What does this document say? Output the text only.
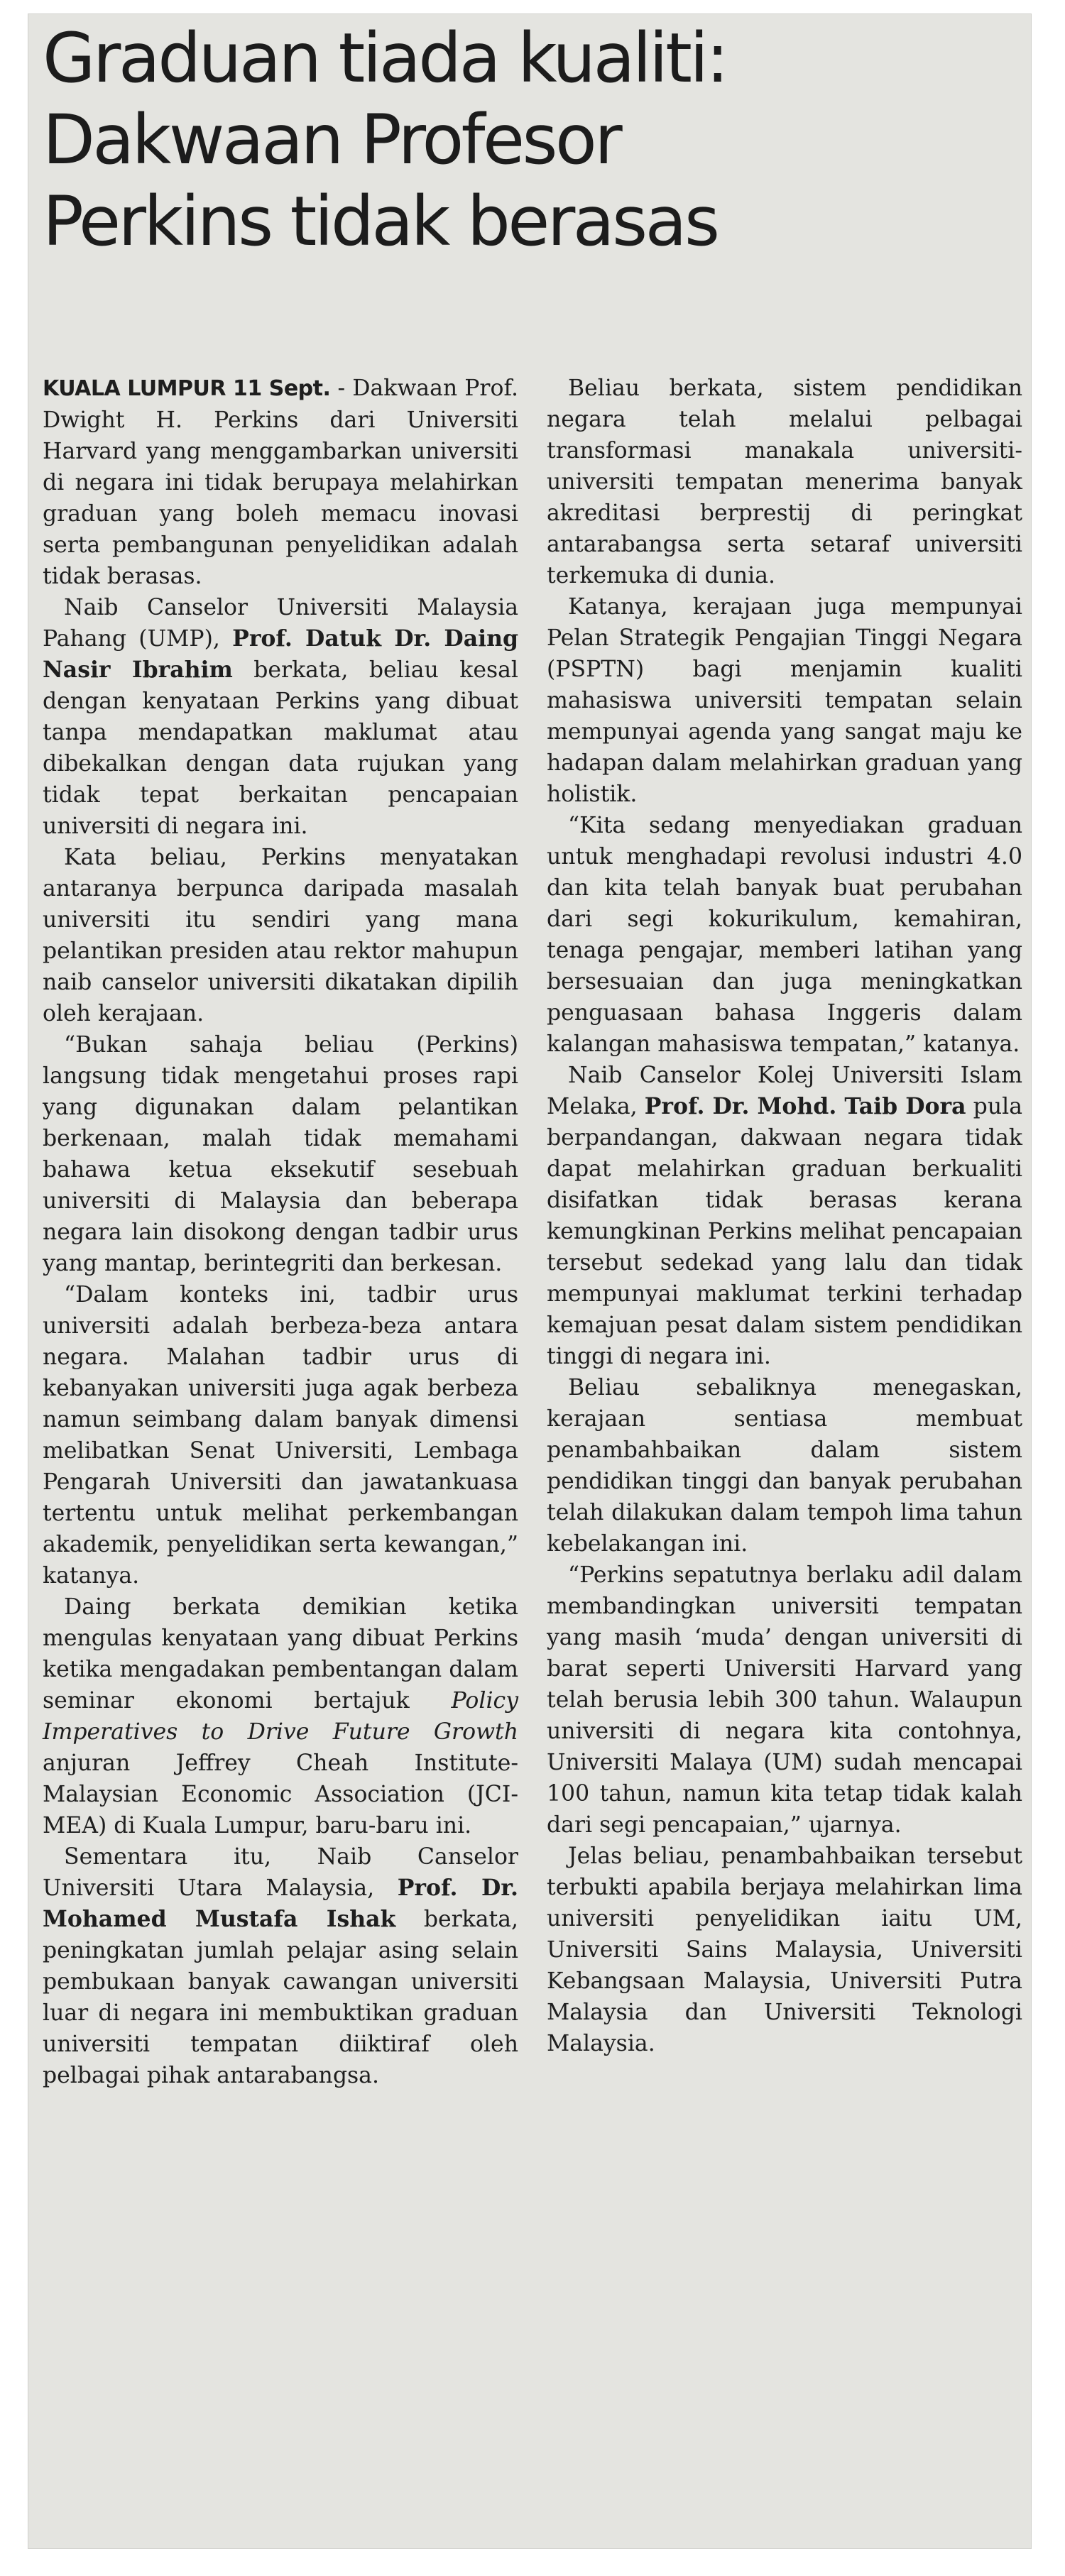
Graduan tiada kualiti:
Dakwaan Profesor
Perkins tidak berasas

KUALA LUMPUR 11 Sept. - Dakwaan Prof. Dwight H. Perkins dari Universiti Harvard yang menggambarkan universiti di negara ini tidak berupaya melahirkan graduan yang boleh memacu inovasi serta pembangunan penyelidikan adalah tidak berasas.

Naib Canselor Universiti Malaysia Pahang (UMP), Prof. Datuk Dr. Daing Nasir Ibrahim berkata, beliau kesal dengan kenyataan Perkins yang dibuat tanpa mendapatkan maklumat atau dibekalkan dengan data rujukan yang tidak tepat berkaitan pencapaian universiti di negara ini.

Kata beliau, Perkins menyatakan antaranya berpunca daripada masalah universiti itu sendiri yang mana pelantikan presiden atau rektor mahupun naib canselor universiti dikatakan dipilih oleh kerajaan.

“Bukan sahaja beliau (Perkins) langsung tidak mengetahui proses rapi yang digunakan dalam pelantikan berkenaan, malah tidak memahami bahawa ketua eksekutif sesebuah universiti di Malaysia dan beberapa negara lain disokong dengan tadbir urus yang mantap, berintegriti dan berkesan.

“Dalam konteks ini, tadbir urus universiti adalah berbeza-beza antara negara. Malahan tadbir urus di kebanyakan universiti juga agak berbeza namun seimbang dalam banyak dimensi melibatkan Senat Universiti, Lembaga Pengarah Universiti dan jawatankuasa tertentu untuk melihat perkembangan akademik, penyelidikan serta kewangan,” katanya.

Daing berkata demikian ketika mengulas kenyataan yang dibuat Perkins ketika mengadakan pembentangan dalam seminar ekonomi bertajuk Policy Imperatives to Drive Future Growth anjuran Jeffrey Cheah Institute-Malaysian Economic Association (JCI-MEA) di Kuala Lumpur, baru-baru ini.

Sementara itu, Naib Canselor Universiti Utara Malaysia, Prof. Dr. Mohamed Mustafa Ishak berkata, peningkatan jumlah pelajar asing selain pembukaan banyak cawangan universiti luar di negara ini membuktikan graduan universiti tempatan diiktiraf oleh pelbagai pihak antarabangsa.

Beliau berkata, sistem pendidikan negara telah melalui pelbagai transformasi manakala universiti-universiti tempatan menerima banyak akreditasi berprestij di peringkat antarabangsa serta setaraf universiti terkemuka di dunia.

Katanya, kerajaan juga mempunyai Pelan Strategik Pengajian Tinggi Negara (PSPTN) bagi menjamin kualiti mahasiswa universiti tempatan selain mempunyai agenda yang sangat maju ke hadapan dalam melahirkan graduan yang holistik.

“Kita sedang menyediakan graduan untuk menghadapi revolusi industri 4.0 dan kita telah banyak buat perubahan dari segi kokurikulum, kemahiran, tenaga pengajar, memberi latihan yang bersesuaian dan juga meningkatkan penguasaan bahasa Inggeris dalam kalangan mahasiswa tempatan,” katanya.

Naib Canselor Kolej Universiti Islam Melaka, Prof. Dr. Mohd. Taib Dora pula berpandangan, dakwaan negara tidak dapat melahirkan graduan berkualiti disifatkan tidak berasas kerana kemungkinan Perkins melihat pencapaian tersebut sedekad yang lalu dan tidak mempunyai maklumat terkini terhadap kemajuan pesat dalam sistem pendidikan tinggi di negara ini.

Beliau sebaliknya menegaskan, kerajaan sentiasa membuat penambahbaikan dalam sistem pendidikan tinggi dan banyak perubahan telah dilakukan dalam tempoh lima tahun kebelakangan ini.

“Perkins sepatutnya berlaku adil dalam membandingkan universiti tempatan yang masih ‘muda’ dengan universiti di barat seperti Universiti Harvard yang telah berusia lebih 300 tahun. Walaupun universiti di negara kita contohnya, Universiti Malaya (UM) sudah mencapai 100 tahun, namun kita tetap tidak kalah dari segi pencapaian,” ujarnya.

Jelas beliau, penambahbaikan tersebut terbukti apabila berjaya melahirkan lima universiti penyelidikan iaitu UM, Universiti Sains Malaysia, Universiti Kebangsaan Malaysia, Universiti Putra Malaysia dan Universiti Teknologi Malaysia.
